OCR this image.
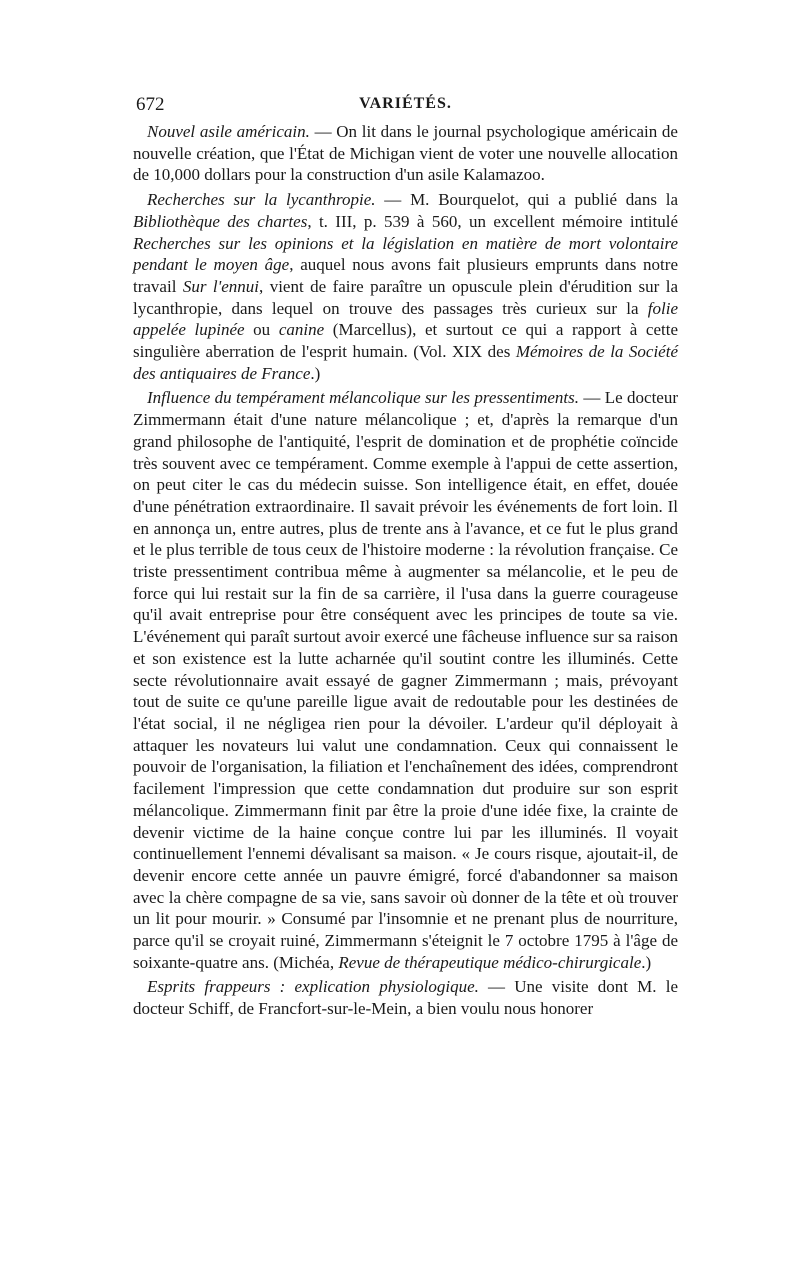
672	VARIÉTÉS.

Nouvel asile américain. — On lit dans le journal psychologique américain de nouvelle création, que l'État de Michigan vient de voter une nouvelle allocation de 10,000 dollars pour la construction d'un asile Kalamazoo.

Recherches sur la lycanthropie. — M. Bourquelot, qui a publié dans la Bibliothèque des chartes, t. III, p. 539 à 560, un excellent mémoire intitulé Recherches sur les opinions et la législation en matière de mort volontaire pendant le moyen âge, auquel nous avons fait plusieurs emprunts dans notre travail Sur l'ennui, vient de faire paraître un opuscule plein d'érudition sur la lycanthropie, dans lequel on trouve des passages très curieux sur la folie appelée lupinée ou canine (Marcellus), et surtout ce qui a rapport à cette singulière aberration de l'esprit humain. (Vol. XIX des Mémoires de la Société des antiquaires de France.)

Influence du tempérament mélancolique sur les pressentiments. — Le docteur Zimmermann était d'une nature mélancolique ; et, d'après la remarque d'un grand philosophe de l'antiquité, l'esprit de domination et de prophétie coïncide très souvent avec ce tempérament. Comme exemple à l'appui de cette assertion, on peut citer le cas du médecin suisse. Son intelligence était, en effet, douée d'une pénétration extraordinaire. Il savait prévoir les événements de fort loin. Il en annonça un, entre autres, plus de trente ans à l'avance, et ce fut le plus grand et le plus terrible de tous ceux de l'histoire moderne : la révolution française. Ce triste pressentiment contribua même à augmenter sa mélancolie, et le peu de force qui lui restait sur la fin de sa carrière, il l'usa dans la guerre courageuse qu'il avait entreprise pour être conséquent avec les principes de toute sa vie. L'événement qui paraît surtout avoir exercé une fâcheuse influence sur sa raison et son existence est la lutte acharnée qu'il soutint contre les illuminés. Cette secte révolutionnaire avait essayé de gagner Zimmermann ; mais, prévoyant tout de suite ce qu'une pareille ligue avait de redoutable pour les destinées de l'état social, il ne négligea rien pour la dévoiler. L'ardeur qu'il déployait à attaquer les novateurs lui valut une condamnation. Ceux qui connaissent le pouvoir de l'organisation, la filiation et l'enchaînement des idées, comprendront facilement l'impression que cette condamnation dut produire sur son esprit mélancolique. Zimmermann finit par être la proie d'une idée fixe, la crainte de devenir victime de la haine conçue contre lui par les illuminés. Il voyait continuellement l'ennemi dévalisant sa maison. « Je cours risque, ajoutait-il, de devenir encore cette année un pauvre émigré, forcé d'abandonner sa maison avec la chère compagne de sa vie, sans savoir où donner de la tête et où trouver un lit pour mourir. » Consumé par l'insomnie et ne prenant plus de nourriture, parce qu'il se croyait ruiné, Zimmermann s'éteignit le 7 octobre 1795 à l'âge de soixante-quatre ans. (Michéa, Revue de thérapeutique médico-chirurgicale.)

Esprits frappeurs : explication physiologique. — Une visite dont M. le docteur Schiff, de Francfort-sur-le-Mein, a bien voulu nous honorer
